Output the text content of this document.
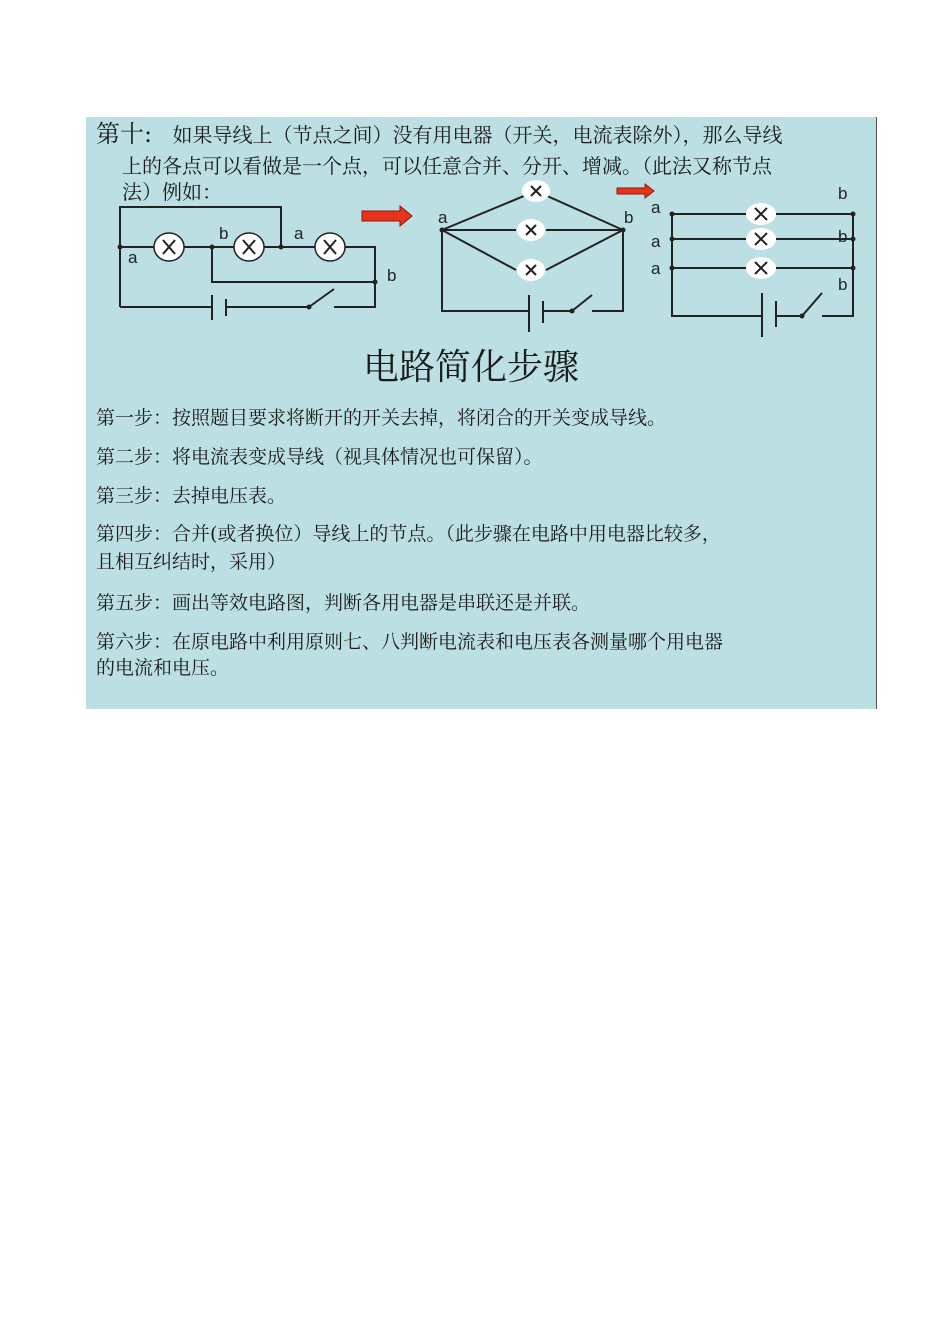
第十: 如果导线上（节点之间）没有用电器（开关，电流表除外），那么导线
上的各点可以看做是一个点，可以任意合并、分开、增减。（此法又称节点
法）例如：
a
b	a
b
a	b
a
a
a
b
b
b
电路简化步骤
第一步：按照题目要求将断开的开关去掉，将闭合的开关变成导线。
第二步：将电流表变成导线（视具体情况也可保留）。
第三步：去掉电压表。
第四步：合并(或者换位）导线上的节点。（此步骤在电路中用电器比较多，
且相互纠结时，采用）
第五步：画出等效电路图，判断各用电器是串联还是并联。
第六步：在原电路中利用原则七、八判断电流表和电压表各测量哪个用电器
的电流和电压。
